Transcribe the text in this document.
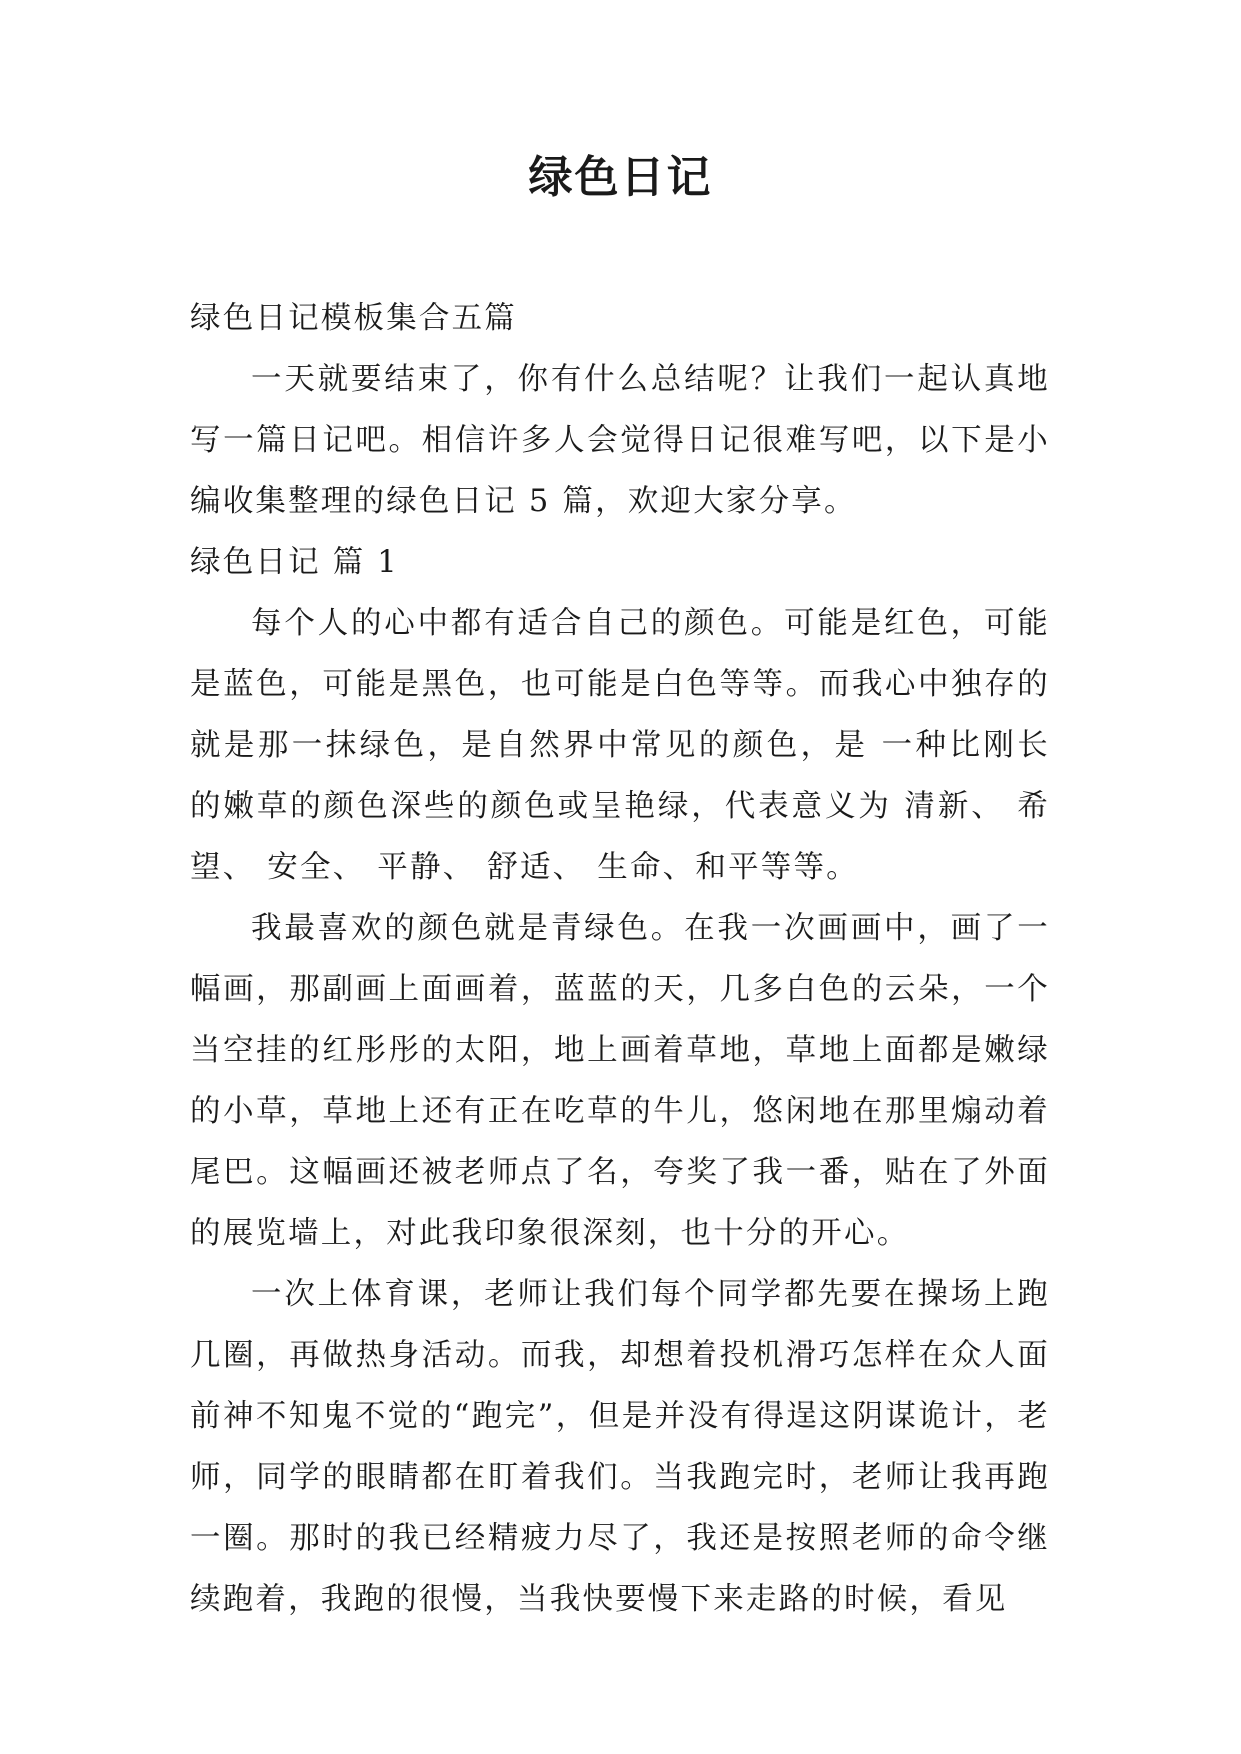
绿色日记

绿色日记模板集合五篇

一天就要结束了，你有什么总结呢？让我们一起认真地写一篇日记吧。相信许多人会觉得日记很难写吧，以下是小编收集整理的绿色日记 5 篇，欢迎大家分享。

绿色日记 篇 1

每个人的心中都有适合自己的颜色。可能是红色，可能是蓝色，可能是黑色，也可能是白色等等。而我心中独存的就是那一抹绿色，是自然界中常见的颜色，是 一种比刚长的嫩草的颜色深些的颜色或呈艳绿，代表意义为 清新、 希望、 安全、 平静、 舒适、 生命、和平等等。

我最喜欢的颜色就是青绿色。在我一次画画中，画了一幅画，那副画上面画着，蓝蓝的天，几多白色的云朵，一个当空挂的红彤彤的太阳，地上画着草地，草地上面都是嫩绿的小草，草地上还有正在吃草的牛儿，悠闲地在那里煽动着尾巴。这幅画还被老师点了名，夸奖了我一番，贴在了外面的展览墙上，对此我印象很深刻，也十分的开心。

一次上体育课，老师让我们每个同学都先要在操场上跑几圈，再做热身活动。而我，却想着投机滑巧怎样在众人面前神不知鬼不觉的“跑完”，但是并没有得逞这阴谋诡计，老师，同学的眼睛都在盯着我们。当我跑完时，老师让我再跑一圈。那时的我已经精疲力尽了，我还是按照老师的命令继续跑着，我跑的很慢，当我快要慢下来走路的时候，看见
